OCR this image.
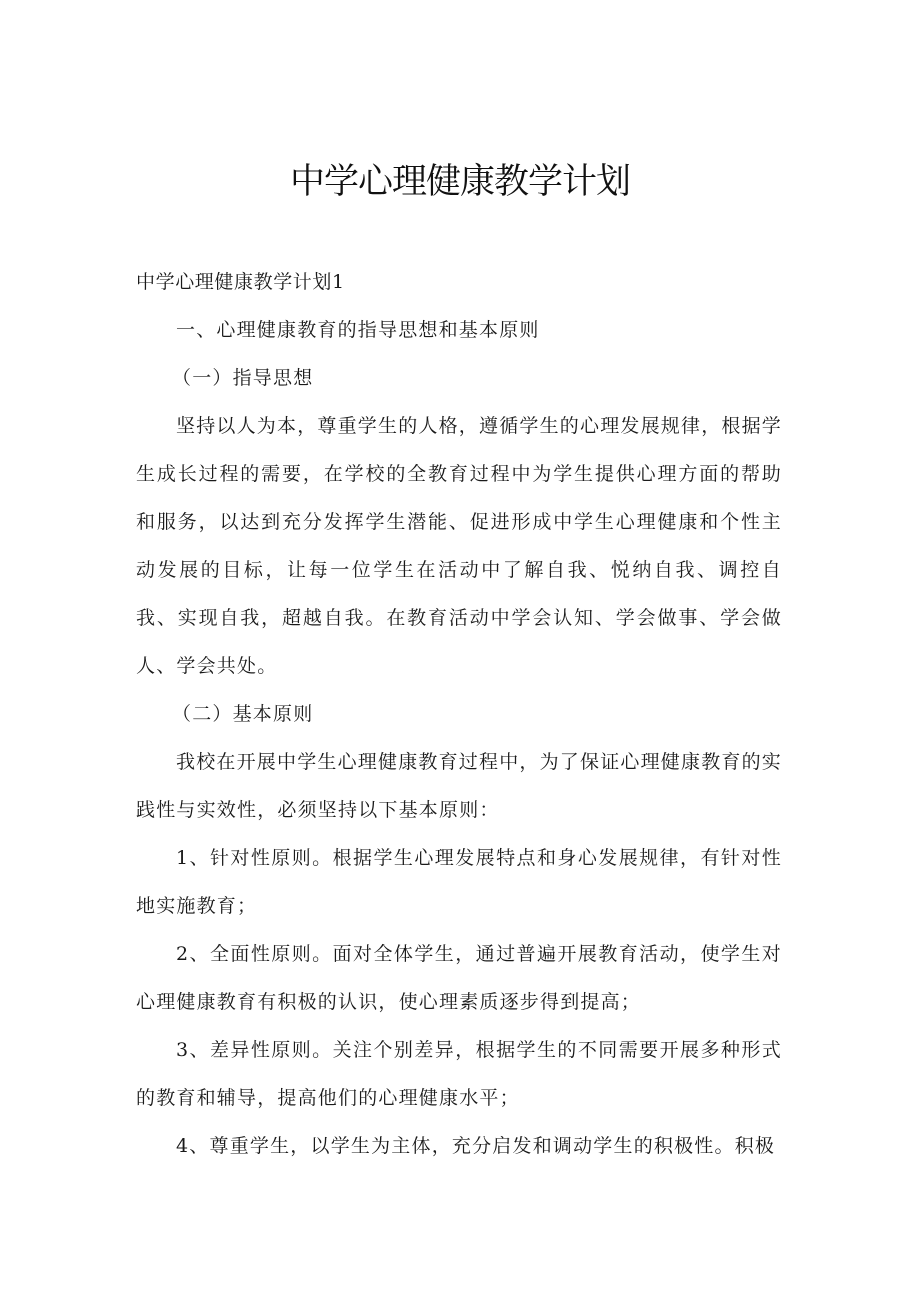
中学心理健康教学计划

中学心理健康教学计划1

一、心理健康教育的指导思想和基本原则

（一）指导思想

坚持以人为本，尊重学生的人格，遵循学生的心理发展规律，根据学生成长过程的需要，在学校的全教育过程中为学生提供心理方面的帮助和服务，以达到充分发挥学生潜能、促进形成中学生心理健康和个性主动发展的目标，让每一位学生在活动中了解自我、悦纳自我、调控自我、实现自我，超越自我。在教育活动中学会认知、学会做事、学会做人、学会共处。

（二）基本原则

我校在开展中学生心理健康教育过程中，为了保证心理健康教育的实践性与实效性，必须坚持以下基本原则：

1、针对性原则。根据学生心理发展特点和身心发展规律，有针对性地实施教育；

2、全面性原则。面对全体学生，通过普遍开展教育活动，使学生对心理健康教育有积极的认识，使心理素质逐步得到提高；

3、差异性原则。关注个别差异，根据学生的不同需要开展多种形式的教育和辅导，提高他们的心理健康水平；

4、尊重学生，以学生为主体，充分启发和调动学生的积极性。积极
